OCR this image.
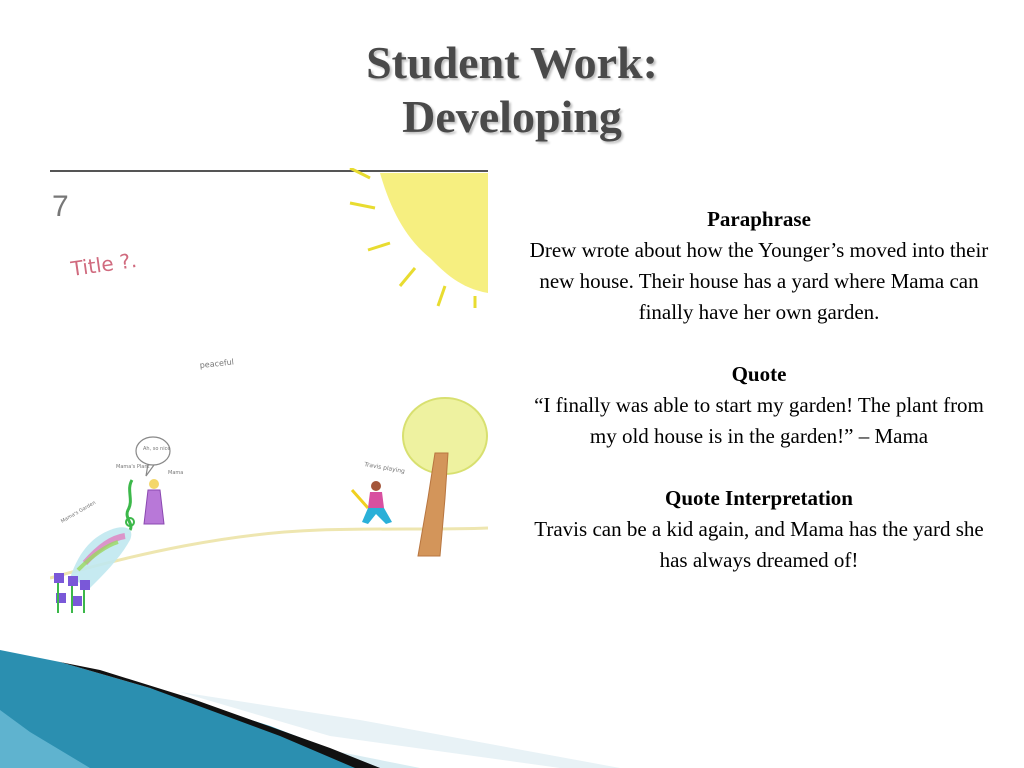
Student Work:
Developing
7
Title ?.
peaceful
Ah, so nice
Mama's Plant
Mama	Travis playing
Mama's Garden
Paraphrase
Drew wrote about how the Younger’s moved into their new house. Their house has a yard where Mama can finally have her own garden.
Quote
“I finally was able to start my garden! The plant from my old house is in the garden!” – Mama
Quote Interpretation
Travis can be a kid again, and Mama has the yard she has always dreamed of!
